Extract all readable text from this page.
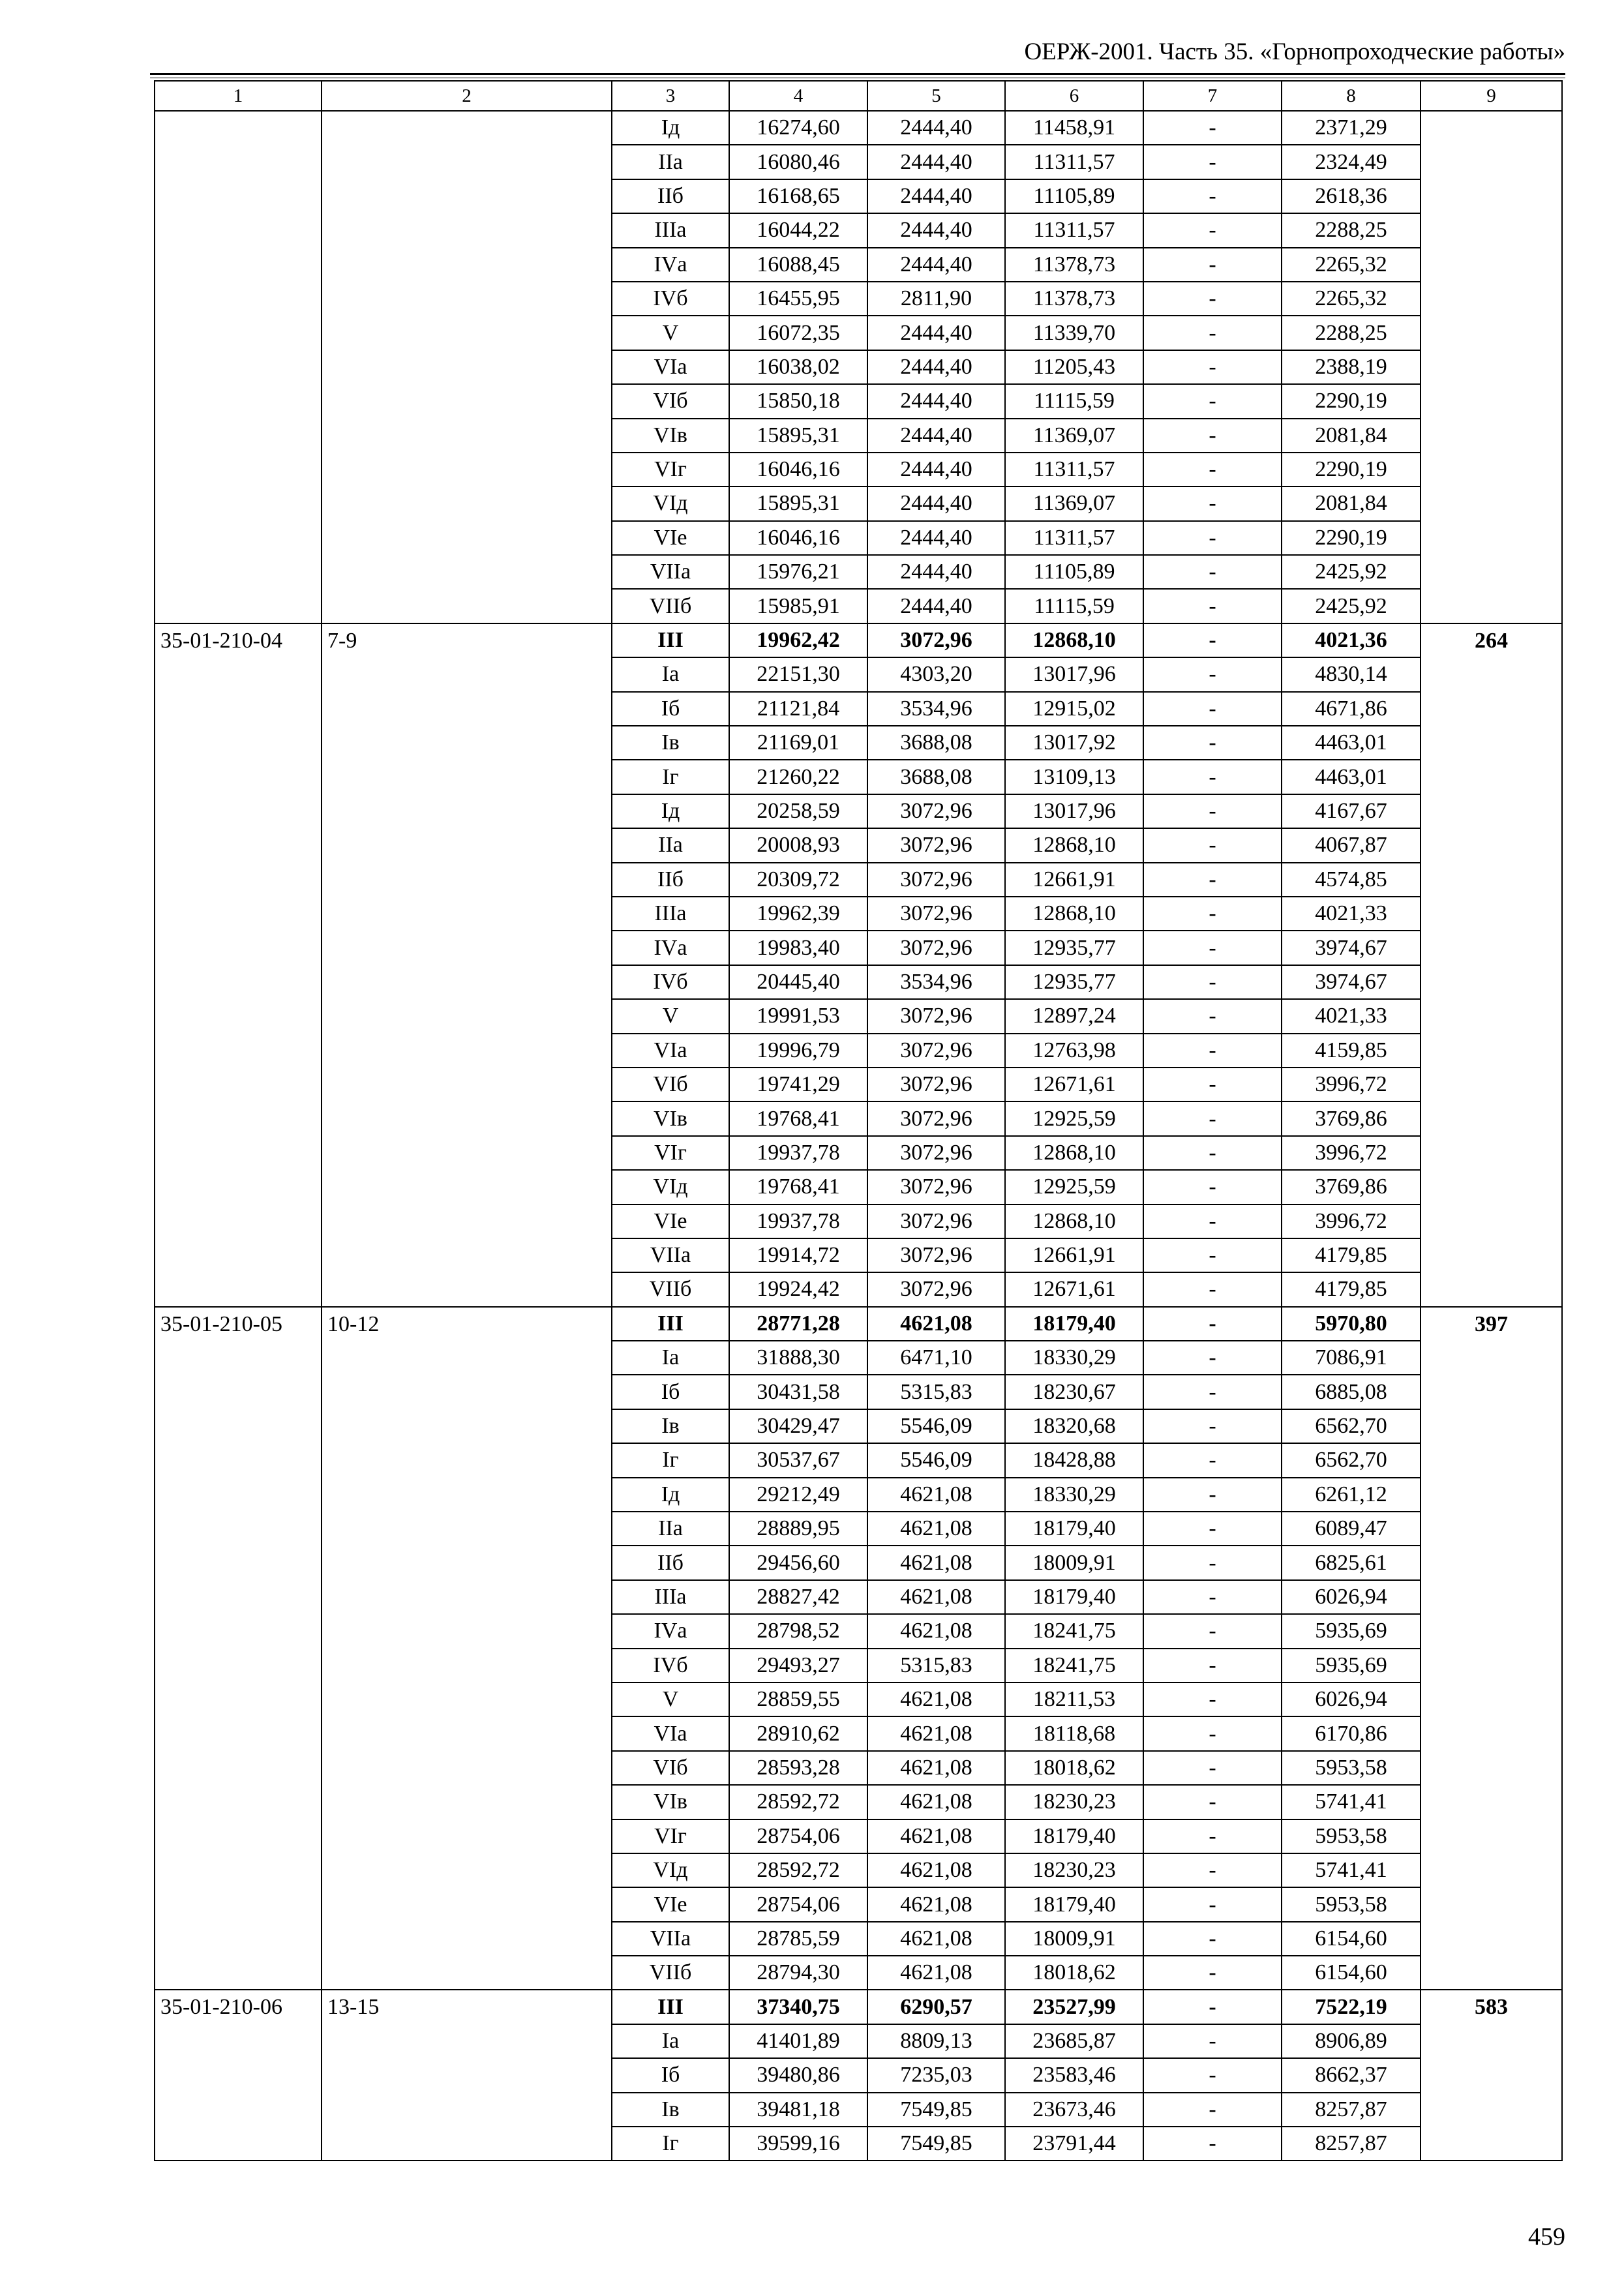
ОЕРЖ-2001. Часть 35. «Горнопроходческие работы»
1	2	3	4	5	6	7	8	9
		Iд	16274,60	2444,40	11458,91	-	2371,29	
		IIа	16080,46	2444,40	11311,57	-	2324,49	
		IIб	16168,65	2444,40	11105,89	-	2618,36	
		IIIа	16044,22	2444,40	11311,57	-	2288,25	
		IVа	16088,45	2444,40	11378,73	-	2265,32	
		IVб	16455,95	2811,90	11378,73	-	2265,32	
		V	16072,35	2444,40	11339,70	-	2288,25	
		VIа	16038,02	2444,40	11205,43	-	2388,19	
		VIб	15850,18	2444,40	11115,59	-	2290,19	
		VIв	15895,31	2444,40	11369,07	-	2081,84	
		VIг	16046,16	2444,40	11311,57	-	2290,19	
		VIд	15895,31	2444,40	11369,07	-	2081,84	
		VIе	16046,16	2444,40	11311,57	-	2290,19	
		VIIа	15976,21	2444,40	11105,89	-	2425,92	
		VIIб	15985,91	2444,40	11115,59	-	2425,92	
35-01-210-04	7-9	III	19962,42	3072,96	12868,10	-	4021,36	264
		Iа	22151,30	4303,20	13017,96	-	4830,14	
		Iб	21121,84	3534,96	12915,02	-	4671,86	
		Iв	21169,01	3688,08	13017,92	-	4463,01	
		Iг	21260,22	3688,08	13109,13	-	4463,01	
		Iд	20258,59	3072,96	13017,96	-	4167,67	
		IIа	20008,93	3072,96	12868,10	-	4067,87	
		IIб	20309,72	3072,96	12661,91	-	4574,85	
		IIIа	19962,39	3072,96	12868,10	-	4021,33	
		IVа	19983,40	3072,96	12935,77	-	3974,67	
		IVб	20445,40	3534,96	12935,77	-	3974,67	
		V	19991,53	3072,96	12897,24	-	4021,33	
		VIа	19996,79	3072,96	12763,98	-	4159,85	
		VIб	19741,29	3072,96	12671,61	-	3996,72	
		VIв	19768,41	3072,96	12925,59	-	3769,86	
		VIг	19937,78	3072,96	12868,10	-	3996,72	
		VIд	19768,41	3072,96	12925,59	-	3769,86	
		VIе	19937,78	3072,96	12868,10	-	3996,72	
		VIIа	19914,72	3072,96	12661,91	-	4179,85	
		VIIб	19924,42	3072,96	12671,61	-	4179,85	
35-01-210-05	10-12	III	28771,28	4621,08	18179,40	-	5970,80	397
		Iа	31888,30	6471,10	18330,29	-	7086,91	
		Iб	30431,58	5315,83	18230,67	-	6885,08	
		Iв	30429,47	5546,09	18320,68	-	6562,70	
		Iг	30537,67	5546,09	18428,88	-	6562,70	
		Iд	29212,49	4621,08	18330,29	-	6261,12	
		IIа	28889,95	4621,08	18179,40	-	6089,47	
		IIб	29456,60	4621,08	18009,91	-	6825,61	
		IIIа	28827,42	4621,08	18179,40	-	6026,94	
		IVа	28798,52	4621,08	18241,75	-	5935,69	
		IVб	29493,27	5315,83	18241,75	-	5935,69	
		V	28859,55	4621,08	18211,53	-	6026,94	
		VIа	28910,62	4621,08	18118,68	-	6170,86	
		VIб	28593,28	4621,08	18018,62	-	5953,58	
		VIв	28592,72	4621,08	18230,23	-	5741,41	
		VIг	28754,06	4621,08	18179,40	-	5953,58	
		VIд	28592,72	4621,08	18230,23	-	5741,41	
		VIе	28754,06	4621,08	18179,40	-	5953,58	
		VIIа	28785,59	4621,08	18009,91	-	6154,60	
		VIIб	28794,30	4621,08	18018,62	-	6154,60	
35-01-210-06	13-15	III	37340,75	6290,57	23527,99	-	7522,19	583
		Iа	41401,89	8809,13	23685,87	-	8906,89	
		Iб	39480,86	7235,03	23583,46	-	8662,37	
		Iв	39481,18	7549,85	23673,46	-	8257,87	
		Iг	39599,16	7549,85	23791,44	-	8257,87	
459
